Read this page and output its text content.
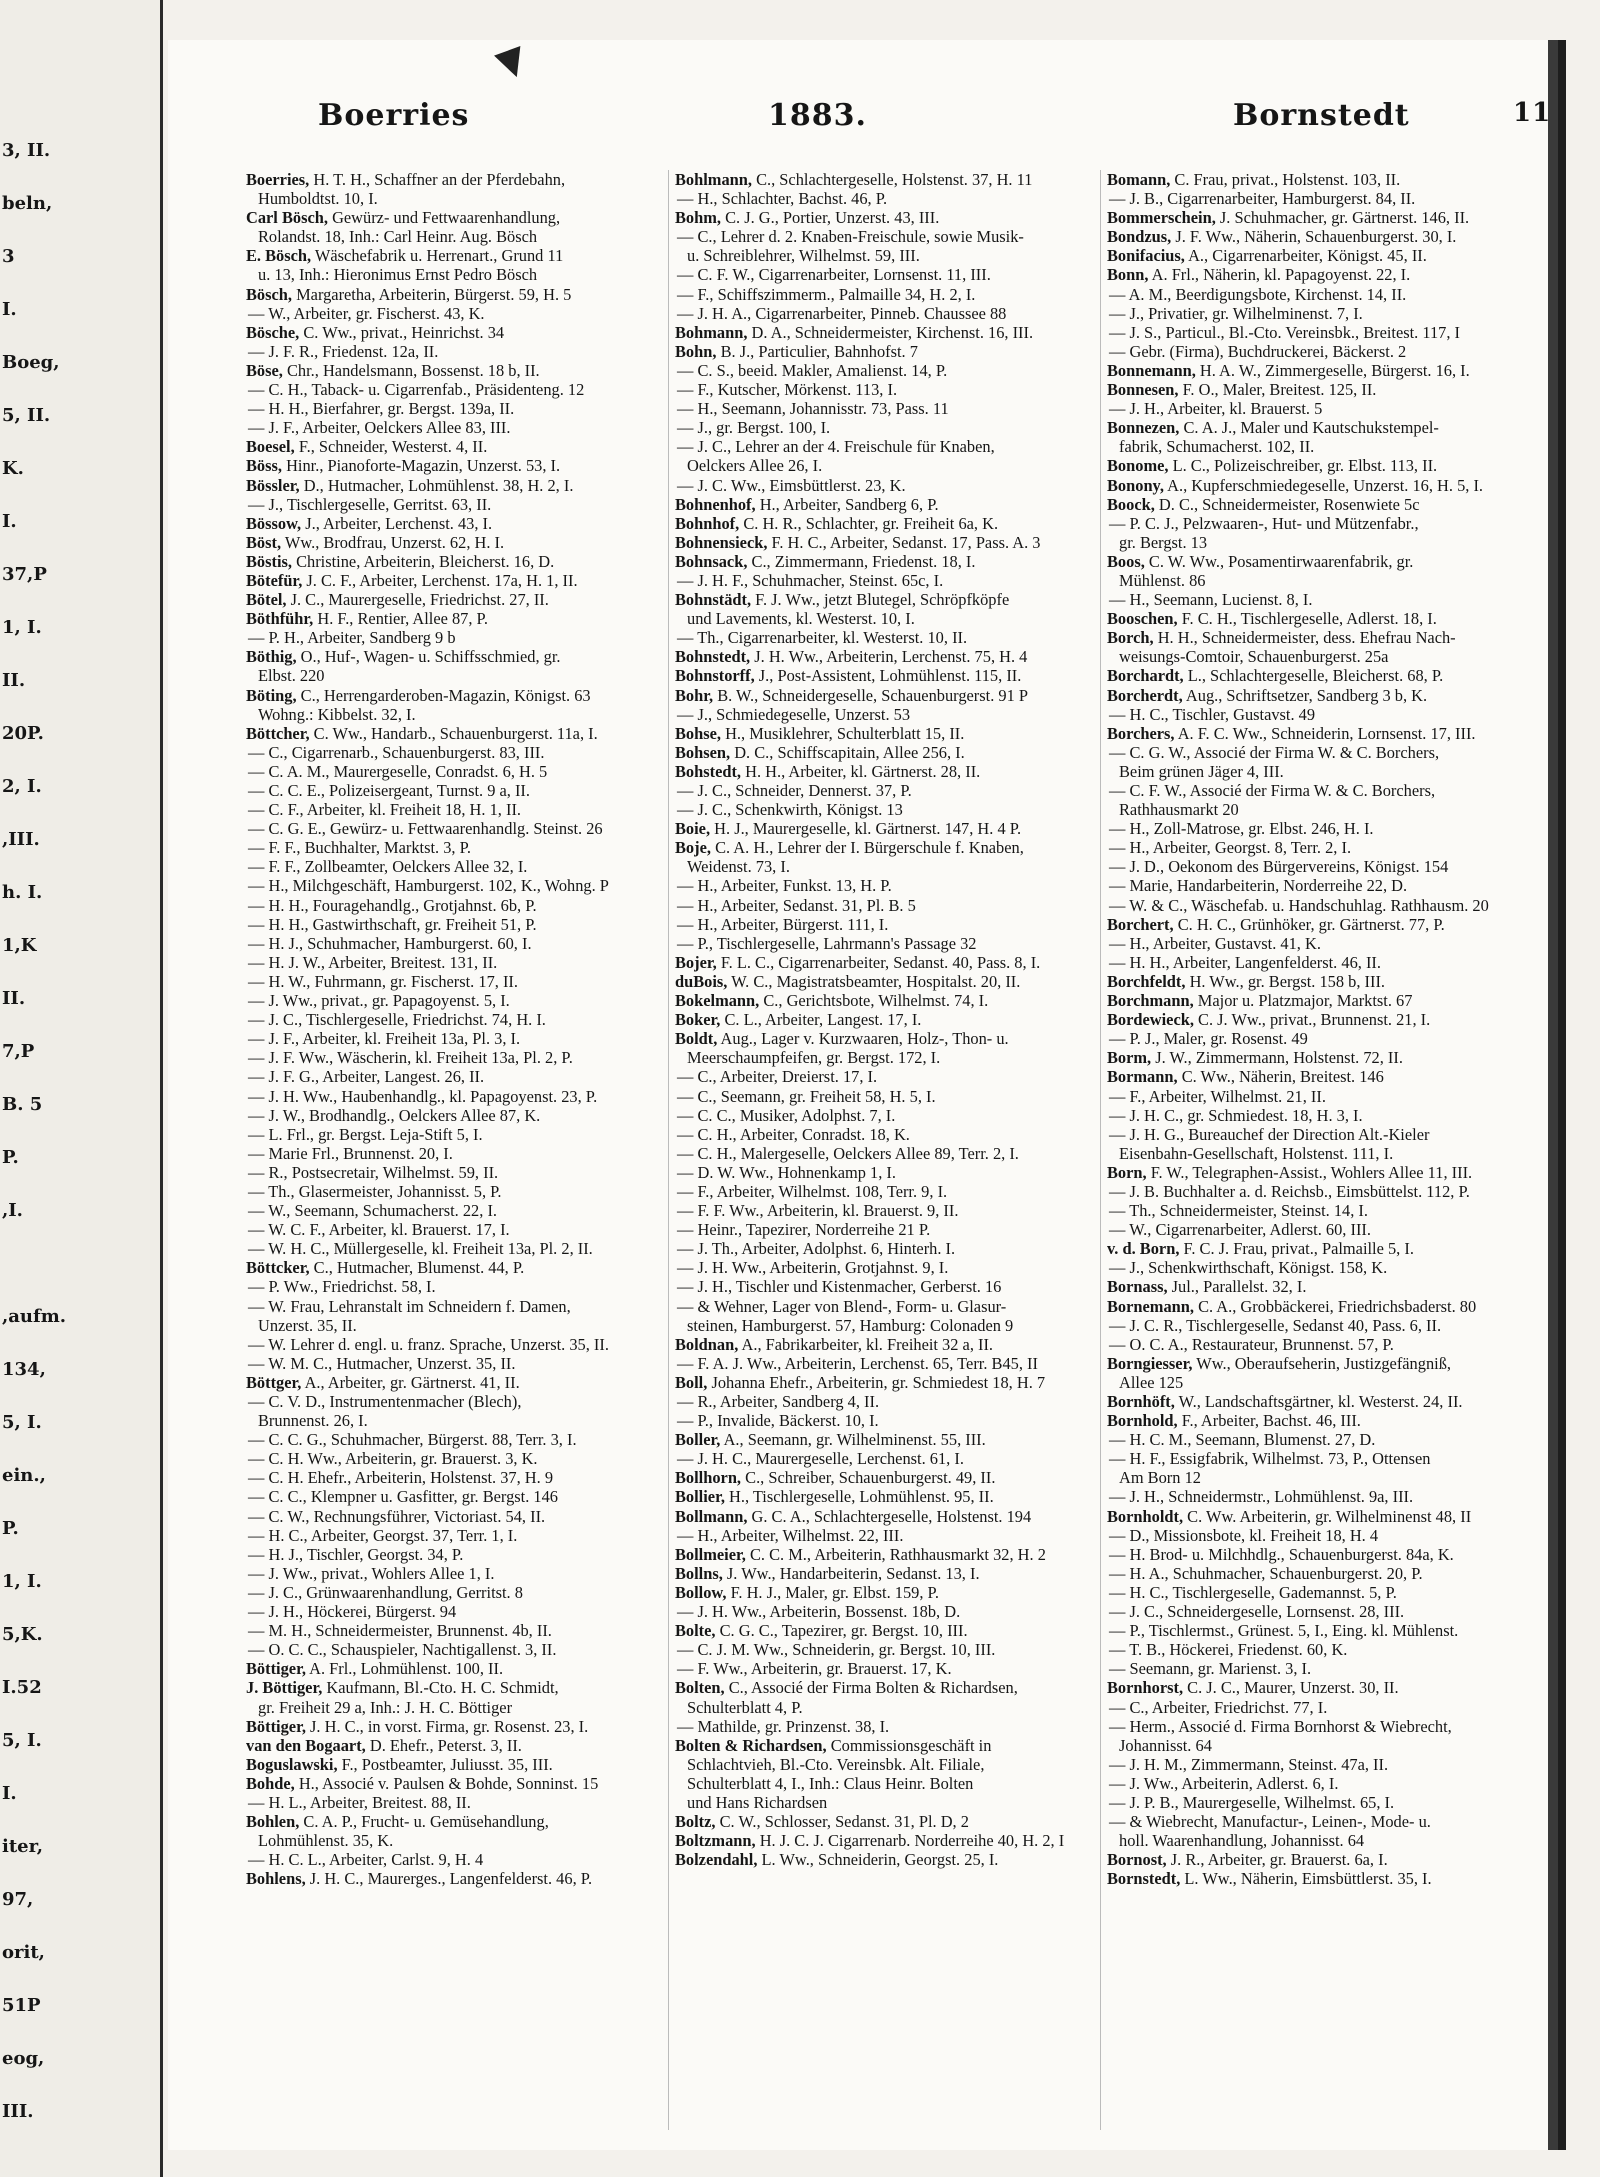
3, II.
beln,
3
I.
Boeg,
5, II.
K.
I.
37,P
1, I.
II.
20P.
2, I.
,III.
h. I.
1,K
II.
7,P
B. 5
P.
,I.
,aufm.
134,
5, I.
ein.,
P.
1, I.
5,K.
I.52
5, I.
I.
iter,
97,
orit,
51P
eog,
III.
Boerries	1883.	Bornstedt	11
Boerries, H. T. H., Schaffner an der Pferdebahn,
Humboldtst. 10, I.
Carl Bösch, Gewürz- und Fettwaarenhandlung,
Rolandst. 18, Inh.: Carl Heinr. Aug. Bösch
E. Bösch, Wäschefabrik u. Herrenart., Grund 11
u. 13, Inh.: Hieronimus Ernst Pedro Bösch
Bösch, Margaretha, Arbeiterin, Bürgerst. 59, H. 5
— W., Arbeiter, gr. Fischerst. 43, K.
Bösche, C. Ww., privat., Heinrichst. 34
— J. F. R., Friedenst. 12a, II.
Böse, Chr., Handelsmann, Bossenst. 18 b, II.
— C. H., Taback- u. Cigarrenfab., Präsidenteng. 12
— H. H., Bierfahrer, gr. Bergst. 139a, II.
— J. F., Arbeiter, Oelckers Allee 83, III.
Boesel, F., Schneider, Westerst. 4, II.
Böss, Hinr., Pianoforte-Magazin, Unzerst. 53, I.
Bössler, D., Hutmacher, Lohmühlenst. 38, H. 2, I.
— J., Tischlergeselle, Gerritst. 63, II.
Bössow, J., Arbeiter, Lerchenst. 43, I.
Böst, Ww., Brodfrau, Unzerst. 62, H. I.
Böstis, Christine, Arbeiterin, Bleicherst. 16, D.
Bötefür, J. C. F., Arbeiter, Lerchenst. 17a, H. 1, II.
Bötel, J. C., Maurergeselle, Friedrichst. 27, II.
Böthführ, H. F., Rentier, Allee 87, P.
— P. H., Arbeiter, Sandberg 9 b
Böthig, O., Huf-, Wagen- u. Schiffsschmied, gr.
Elbst. 220
Böting, C., Herrengarderoben-Magazin, Königst. 63
Wohng.: Kibbelst. 32, I.
Böttcher, C. Ww., Handarb., Schauenburgerst. 11a, I.
— C., Cigarrenarb., Schauenburgerst. 83, III.
— C. A. M., Maurergeselle, Conradst. 6, H. 5
— C. C. E., Polizeisergeant, Turnst. 9 a, II.
— C. F., Arbeiter, kl. Freiheit 18, H. 1, II.
— C. G. E., Gewürz- u. Fettwaarenhandlg. Steinst. 26
— F. F., Buchhalter, Marktst. 3, P.
— F. F., Zollbeamter, Oelckers Allee 32, I.
— H., Milchgeschäft, Hamburgerst. 102, K., Wohng. P
— H. H., Fouragehandlg., Grotjahnst. 6b, P.
— H. H., Gastwirthschaft, gr. Freiheit 51, P.
— H. J., Schuhmacher, Hamburgerst. 60, I.
— H. J. W., Arbeiter, Breitest. 131, II.
— H. W., Fuhrmann, gr. Fischerst. 17, II.
— J. Ww., privat., gr. Papagoyenst. 5, I.
— J. C., Tischlergeselle, Friedrichst. 74, H. I.
— J. F., Arbeiter, kl. Freiheit 13a, Pl. 3, I.
— J. F. Ww., Wäscherin, kl. Freiheit 13a, Pl. 2, P.
— J. F. G., Arbeiter, Langest. 26, II.
— J. H. Ww., Haubenhandlg., kl. Papagoyenst. 23, P.
— J. W., Brodhandlg., Oelckers Allee 87, K.
— L. Frl., gr. Bergst. Leja-Stift 5, I.
— Marie Frl., Brunnenst. 20, I.
— R., Postsecretair, Wilhelmst. 59, II.
— Th., Glasermeister, Johannisst. 5, P.
— W., Seemann, Schumacherst. 22, I.
— W. C. F., Arbeiter, kl. Brauerst. 17, I.
— W. H. C., Müllergeselle, kl. Freiheit 13a, Pl. 2, II.
Böttcker, C., Hutmacher, Blumenst. 44, P.
— P. Ww., Friedrichst. 58, I.
— W. Frau, Lehranstalt im Schneidern f. Damen,
Unzerst. 35, II.
— W. Lehrer d. engl. u. franz. Sprache, Unzerst. 35, II.
— W. M. C., Hutmacher, Unzerst. 35, II.
Böttger, A., Arbeiter, gr. Gärtnerst. 41, II.
— C. V. D., Instrumentenmacher (Blech),
Brunnenst. 26, I.
— C. C. G., Schuhmacher, Bürgerst. 88, Terr. 3, I.
— C. H. Ww., Arbeiterin, gr. Brauerst. 3, K.
— C. H. Ehefr., Arbeiterin, Holstenst. 37, H. 9
— C. C., Klempner u. Gasfitter, gr. Bergst. 146
— C. W., Rechnungsführer, Victoriast. 54, II.
— H. C., Arbeiter, Georgst. 37, Terr. 1, I.
— H. J., Tischler, Georgst. 34, P.
— J. Ww., privat., Wohlers Allee 1, I.
— J. C., Grünwaarenhandlung, Gerritst. 8
— J. H., Höckerei, Bürgerst. 94
— M. H., Schneidermeister, Brunnenst. 4b, II.
— O. C. C., Schauspieler, Nachtigallenst. 3, II.
Böttiger, A. Frl., Lohmühlenst. 100, II.
J. Böttiger, Kaufmann, Bl.-Cto. H. C. Schmidt,
gr. Freiheit 29 a, Inh.: J. H. C. Böttiger
Böttiger, J. H. C., in vorst. Firma, gr. Rosenst. 23, I.
van den Bogaart, D. Ehefr., Peterst. 3, II.
Boguslawski, F., Postbeamter, Juliusst. 35, III.
Bohde, H., Associé v. Paulsen & Bohde, Sonninst. 15
— H. L., Arbeiter, Breitest. 88, II.
Bohlen, C. A. P., Frucht- u. Gemüsehandlung,
Lohmühlenst. 35, K.
— H. C. L., Arbeiter, Carlst. 9, H. 4
Bohlens, J. H. C., Maurerges., Langenfelderst. 46, P.
Bohlmann, C., Schlachtergeselle, Holstenst. 37, H. 11
— H., Schlachter, Bachst. 46, P.
Bohm, C. J. G., Portier, Unzerst. 43, III.
— C., Lehrer d. 2. Knaben-Freischule, sowie Musik-
u. Schreiblehrer, Wilhelmst. 59, III.
— C. F. W., Cigarrenarbeiter, Lornsenst. 11, III.
— F., Schiffszimmerm., Palmaille 34, H. 2, I.
— J. H. A., Cigarrenarbeiter, Pinneb. Chaussee 88
Bohmann, D. A., Schneidermeister, Kirchenst. 16, III.
Bohn, B. J., Particulier, Bahnhofst. 7
— C. S., beeid. Makler, Amalienst. 14, P.
— F., Kutscher, Mörkenst. 113, I.
— H., Seemann, Johannisstr. 73, Pass. 11
— J., gr. Bergst. 100, I.
— J. C., Lehrer an der 4. Freischule für Knaben,
Oelckers Allee 26, I.
— J. C. Ww., Eimsbüttlerst. 23, K.
Bohnenhof, H., Arbeiter, Sandberg 6, P.
Bohnhof, C. H. R., Schlachter, gr. Freiheit 6a, K.
Bohnensieck, F. H. C., Arbeiter, Sedanst. 17, Pass. A. 3
Bohnsack, C., Zimmermann, Friedenst. 18, I.
— J. H. F., Schuhmacher, Steinst. 65c, I.
Bohnstädt, F. J. Ww., jetzt Blutegel, Schröpfköpfe
und Lavements, kl. Westerst. 10, I.
— Th., Cigarrenarbeiter, kl. Westerst. 10, II.
Bohnstedt, J. H. Ww., Arbeiterin, Lerchenst. 75, H. 4
Bohnstorff, J., Post-Assistent, Lohmühlenst. 115, II.
Bohr, B. W., Schneidergeselle, Schauenburgerst. 91 P
— J., Schmiedegeselle, Unzerst. 53
Bohse, H., Musiklehrer, Schulterblatt 15, II.
Bohsen, D. C., Schiffscapitain, Allee 256, I.
Bohstedt, H. H., Arbeiter, kl. Gärtnerst. 28, II.
— J. C., Schneider, Dennerst. 37, P.
— J. C., Schenkwirth, Königst. 13
Boie, H. J., Maurergeselle, kl. Gärtnerst. 147, H. 4 P.
Boje, C. A. H., Lehrer der I. Bürgerschule f. Knaben,
Weidenst. 73, I.
— H., Arbeiter, Funkst. 13, H. P.
— H., Arbeiter, Sedanst. 31, Pl. B. 5
— H., Arbeiter, Bürgerst. 111, I.
— P., Tischlergeselle, Lahrmann's Passage 32
Bojer, F. L. C., Cigarrenarbeiter, Sedanst. 40, Pass. 8, I.
duBois, W. C., Magistratsbeamter, Hospitalst. 20, II.
Bokelmann, C., Gerichtsbote, Wilhelmst. 74, I.
Boker, C. L., Arbeiter, Langest. 17, I.
Boldt, Aug., Lager v. Kurzwaaren, Holz-, Thon- u.
Meerschaumpfeifen, gr. Bergst. 172, I.
— C., Arbeiter, Dreierst. 17, I.
— C., Seemann, gr. Freiheit 58, H. 5, I.
— C. C., Musiker, Adolphst. 7, I.
— C. H., Arbeiter, Conradst. 18, K.
— C. H., Malergeselle, Oelckers Allee 89, Terr. 2, I.
— D. W. Ww., Hohnenkamp 1, I.
— F., Arbeiter, Wilhelmst. 108, Terr. 9, I.
— F. F. Ww., Arbeiterin, kl. Brauerst. 9, II.
— Heinr., Tapezirer, Norderreihe 21 P.
— J. Th., Arbeiter, Adolphst. 6, Hinterh. I.
— J. H. Ww., Arbeiterin, Grotjahnst. 9, I.
— J. H., Tischler und Kistenmacher, Gerberst. 16
— & Wehner, Lager von Blend-, Form- u. Glasur-
steinen, Hamburgerst. 57, Hamburg: Colonaden 9
Boldnan, A., Fabrikarbeiter, kl. Freiheit 32 a, II.
— F. A. J. Ww., Arbeiterin, Lerchenst. 65, Terr. B45, II
Boll, Johanna Ehefr., Arbeiterin, gr. Schmiedest 18, H. 7
— R., Arbeiter, Sandberg 4, II.
— P., Invalide, Bäckerst. 10, I.
Boller, A., Seemann, gr. Wilhelminenst. 55, III.
— J. H. C., Maurergeselle, Lerchenst. 61, I.
Bollhorn, C., Schreiber, Schauenburgerst. 49, II.
Bollier, H., Tischlergeselle, Lohmühlenst. 95, II.
Bollmann, G. C. A., Schlachtergeselle, Holstenst. 194
— H., Arbeiter, Wilhelmst. 22, III.
Bollmeier, C. C. M., Arbeiterin, Rathhausmarkt 32, H. 2
Bollns, J. Ww., Handarbeiterin, Sedanst. 13, I.
Bollow, F. H. J., Maler, gr. Elbst. 159, P.
— J. H. Ww., Arbeiterin, Bossenst. 18b, D.
Bolte, C. G. C., Tapezirer, gr. Bergst. 10, III.
— C. J. M. Ww., Schneiderin, gr. Bergst. 10, III.
— F. Ww., Arbeiterin, gr. Brauerst. 17, K.
Bolten, C., Associé der Firma Bolten & Richardsen,
Schulterblatt 4, P.
— Mathilde, gr. Prinzenst. 38, I.
Bolten & Richardsen, Commissionsgeschäft in
Schlachtvieh, Bl.-Cto. Vereinsbk. Alt. Filiale,
Schulterblatt 4, I., Inh.: Claus Heinr. Bolten
und Hans Richardsen
Boltz, C. W., Schlosser, Sedanst. 31, Pl. D, 2
Boltzmann, H. J. C. J. Cigarrenarb. Norderreihe 40, H. 2, I
Bolzendahl, L. Ww., Schneiderin, Georgst. 25, I.
Bomann, C. Frau, privat., Holstenst. 103, II.
— J. B., Cigarrenarbeiter, Hamburgerst. 84, II.
Bommerschein, J. Schuhmacher, gr. Gärtnerst. 146, II.
Bondzus, J. F. Ww., Näherin, Schauenburgerst. 30, I.
Bonifacius, A., Cigarrenarbeiter, Königst. 45, II.
Bonn, A. Frl., Näherin, kl. Papagoyenst. 22, I.
— A. M., Beerdigungsbote, Kirchenst. 14, II.
— J., Privatier, gr. Wilhelminenst. 7, I.
— J. S., Particul., Bl.-Cto. Vereinsbk., Breitest. 117, I
— Gebr. (Firma), Buchdruckerei, Bäckerst. 2
Bonnemann, H. A. W., Zimmergeselle, Bürgerst. 16, I.
Bonnesen, F. O., Maler, Breitest. 125, II.
— J. H., Arbeiter, kl. Brauerst. 5
Bonnezen, C. A. J., Maler und Kautschukstempel-
fabrik, Schumacherst. 102, II.
Bonome, L. C., Polizeischreiber, gr. Elbst. 113, II.
Bonony, A., Kupferschmiedegeselle, Unzerst. 16, H. 5, I.
Boock, D. C., Schneidermeister, Rosenwiete 5c
— P. C. J., Pelzwaaren-, Hut- und Mützenfabr.,
gr. Bergst. 13
Boos, C. W. Ww., Posamentirwaarenfabrik, gr.
Mühlenst. 86
— H., Seemann, Lucienst. 8, I.
Booschen, F. C. H., Tischlergeselle, Adlerst. 18, I.
Borch, H. H., Schneidermeister, dess. Ehefrau Nach-
weisungs-Comtoir, Schauenburgerst. 25a
Borchardt, L., Schlachtergeselle, Bleicherst. 68, P.
Borcherdt, Aug., Schriftsetzer, Sandberg 3 b, K.
— H. C., Tischler, Gustavst. 49
Borchers, A. F. C. Ww., Schneiderin, Lornsenst. 17, III.
— C. G. W., Associé der Firma W. & C. Borchers,
Beim grünen Jäger 4, III.
— C. F. W., Associé der Firma W. & C. Borchers,
Rathhausmarkt 20
— H., Zoll-Matrose, gr. Elbst. 246, H. I.
— H., Arbeiter, Georgst. 8, Terr. 2, I.
— J. D., Oekonom des Bürgervereins, Königst. 154
— Marie, Handarbeiterin, Norderreihe 22, D.
— W. & C., Wäschefab. u. Handschuhlag. Rathhausm. 20
Borchert, C. H. C., Grünhöker, gr. Gärtnerst. 77, P.
— H., Arbeiter, Gustavst. 41, K.
— H. H., Arbeiter, Langenfelderst. 46, II.
Borchfeldt, H. Ww., gr. Bergst. 158 b, III.
Borchmann, Major u. Platzmajor, Marktst. 67
Bordewieck, C. J. Ww., privat., Brunnenst. 21, I.
— P. J., Maler, gr. Rosenst. 49
Borm, J. W., Zimmermann, Holstenst. 72, II.
Bormann, C. Ww., Näherin, Breitest. 146
— F., Arbeiter, Wilhelmst. 21, II.
— J. H. C., gr. Schmiedest. 18, H. 3, I.
— J. H. G., Bureauchef der Direction Alt.-Kieler
Eisenbahn-Gesellschaft, Holstenst. 111, I.
Born, F. W., Telegraphen-Assist., Wohlers Allee 11, III.
— J. B. Buchhalter a. d. Reichsb., Eimsbüttelst. 112, P.
— Th., Schneidermeister, Steinst. 14, I.
— W., Cigarrenarbeiter, Adlerst. 60, III.
v. d. Born, F. C. J. Frau, privat., Palmaille 5, I.
— J., Schenkwirthschaft, Königst. 158, K.
Bornass, Jul., Parallelst. 32, I.
Bornemann, C. A., Grobbäckerei, Friedrichsbaderst. 80
— J. C. R., Tischlergeselle, Sedanst 40, Pass. 6, II.
— O. C. A., Restaurateur, Brunnenst. 57, P.
Borngiesser, Ww., Oberaufseherin, Justizgefängniß,
Allee 125
Bornhöft, W., Landschaftsgärtner, kl. Westerst. 24, II.
Bornhold, F., Arbeiter, Bachst. 46, III.
— H. C. M., Seemann, Blumenst. 27, D.
— H. F., Essigfabrik, Wilhelmst. 73, P., Ottensen
Am Born 12
— J. H., Schneidermstr., Lohmühlenst. 9a, III.
Bornholdt, C. Ww. Arbeiterin, gr. Wilhelminenst 48, II
— D., Missionsbote, kl. Freiheit 18, H. 4
— H. Brod- u. Milchhdlg., Schauenburgerst. 84a, K.
— H. A., Schuhmacher, Schauenburgerst. 20, P.
— H. C., Tischlergeselle, Gademannst. 5, P.
— J. C., Schneidergeselle, Lornsenst. 28, III.
— P., Tischlermst., Grünest. 5, I., Eing. kl. Mühlenst.
— T. B., Höckerei, Friedenst. 60, K.
— Seemann, gr. Marienst. 3, I.
Bornhorst, C. J. C., Maurer, Unzerst. 30, II.
— C., Arbeiter, Friedrichst. 77, I.
— Herm., Associé d. Firma Bornhorst & Wiebrecht,
Johannisst. 64
— J. H. M., Zimmermann, Steinst. 47a, II.
— J. Ww., Arbeiterin, Adlerst. 6, I.
— J. P. B., Maurergeselle, Wilhelmst. 65, I.
— & Wiebrecht, Manufactur-, Leinen-, Mode- u.
holl. Waarenhandlung, Johannisst. 64
Bornost, J. R., Arbeiter, gr. Brauerst. 6a, I.
Bornstedt, L. Ww., Näherin, Eimsbüttlerst. 35, I.
